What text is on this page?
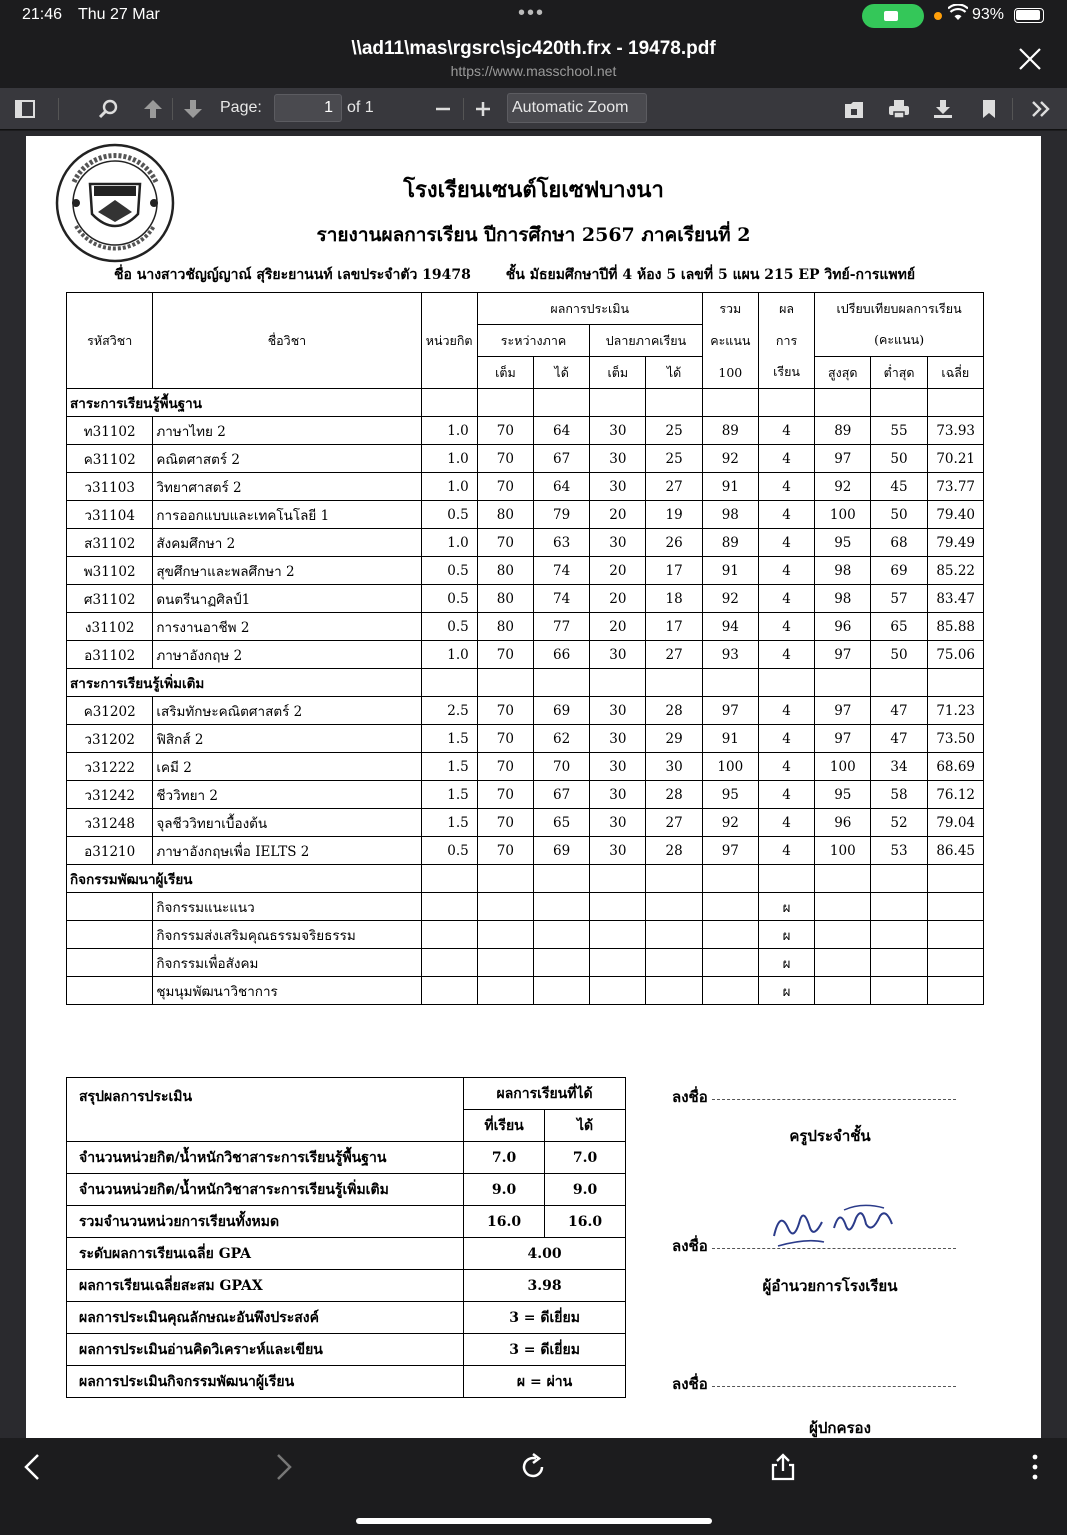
21:46 Thu 27 Mar	•••	93%
\\ad11\mas\rgsrc\sjc420th.frx - 19478.pdf
https://www.masschool.net
Page:
1	of 1	Automatic Zoom
โรงเรียนเซนต์โยเซฟบางนา
รายงานผลการเรียน ปีการศึกษา 2567 ภาคเรียนที่ 2
ชื่อ นางสาวชัญญ์ญาณ์ สุริยะยานนท์ เลขประจำตัว 19478 ชั้น มัธยมศึกษาปีที่ 4 ห้อง 5 เลขที่ 5 แผน 215 EP วิทย์-การแพทย์
รหัสวิชา	ชื่อวิชา	หน่วยกิต	ผลการประเมิน				รวม	ผล	เปรียบเทียบผลการเรียน		
			ระหว่างภาค		ปลายภาคเรียน		คะแนน	การ	(คะแนน)		
			เต็ม	ได้	เต็ม	ได้	100	เรียน	สูงสุด	ต่ำสุด	เฉลี่ย
สาระการเรียนรู้พื้นฐาน											
ท31102	ภาษาไทย 2	1.0	70	64	30	25	89	4	89	55	73.93
ค31102	คณิตศาสตร์ 2	1.0	70	67	30	25	92	4	97	50	70.21
ว31103	วิทยาศาสตร์ 2	1.0	70	64	30	27	91	4	92	45	73.77
ว31104	การออกแบบและเทคโนโลยี 1	0.5	80	79	20	19	98	4	100	50	79.40
ส31102	สังคมศึกษา 2	1.0	70	63	30	26	89	4	95	68	79.49
พ31102	สุขศึกษาและพลศึกษา 2	0.5	80	74	20	17	91	4	98	69	85.22
ศ31102	ดนตรีนาฏศิลป์1	0.5	80	74	20	18	92	4	98	57	83.47
ง31102	การงานอาชีพ 2	0.5	80	77	20	17	94	4	96	65	85.88
อ31102	ภาษาอังกฤษ 2	1.0	70	66	30	27	93	4	97	50	75.06
สาระการเรียนรู้เพิ่มเติม											
ค31202	เสริมทักษะคณิตศาสตร์ 2	2.5	70	69	30	28	97	4	97	47	71.23
ว31202	ฟิสิกส์ 2	1.5	70	62	30	29	91	4	97	47	73.50
ว31222	เคมี 2	1.5	70	70	30	30	100	4	100	34	68.69
ว31242	ชีววิทยา 2	1.5	70	67	30	28	95	4	95	58	76.12
ว31248	จุลชีววิทยาเบื้องต้น	1.5	70	65	30	27	92	4	96	52	79.04
อ31210	ภาษาอังกฤษเพื่อ IELTS 2	0.5	70	69	30	28	97	4	100	53	86.45
กิจกรรมพัฒนาผู้เรียน											
	กิจกรรมแนะแนว							ผ			
	กิจกรรมส่งเสริมคุณธรรมจริยธรรม							ผ			
	กิจกรรมเพื่อสังคม							ผ			
	ชุมนุมพัฒนาวิชาการ							ผ			
สรุปผลการประเมิน	ผลการเรียนที่ได้	
	ที่เรียน	ได้
จำนวนหน่วยกิต/น้ำหนักวิชาสาระการเรียนรู้พื้นฐาน	7.0	7.0
จำนวนหน่วยกิต/น้ำหนักวิชาสาระการเรียนรู้เพิ่มเติม	9.0	9.0
รวมจำนวนหน่วยการเรียนทั้งหมด	16.0	16.0
ระดับผลการเรียนเฉลี่ย GPA	4.00	
ผลการเรียนเฉลี่ยสะสม GPAX	3.98	
ผลการประเมินคุณลักษณะอันพึงประสงค์	3 = ดีเยี่ยม	
ผลการประเมินอ่านคิดวิเคราะห์และเขียน	3 = ดีเยี่ยม	
ผลการประเมินกิจกรรมพัฒนาผู้เรียน	ผ = ผ่าน	
ลงชื่อ
ครูประจำชั้น
ลงชื่อ
ผู้อำนวยการโรงเรียน
ลงชื่อ
ผู้ปกครอง
